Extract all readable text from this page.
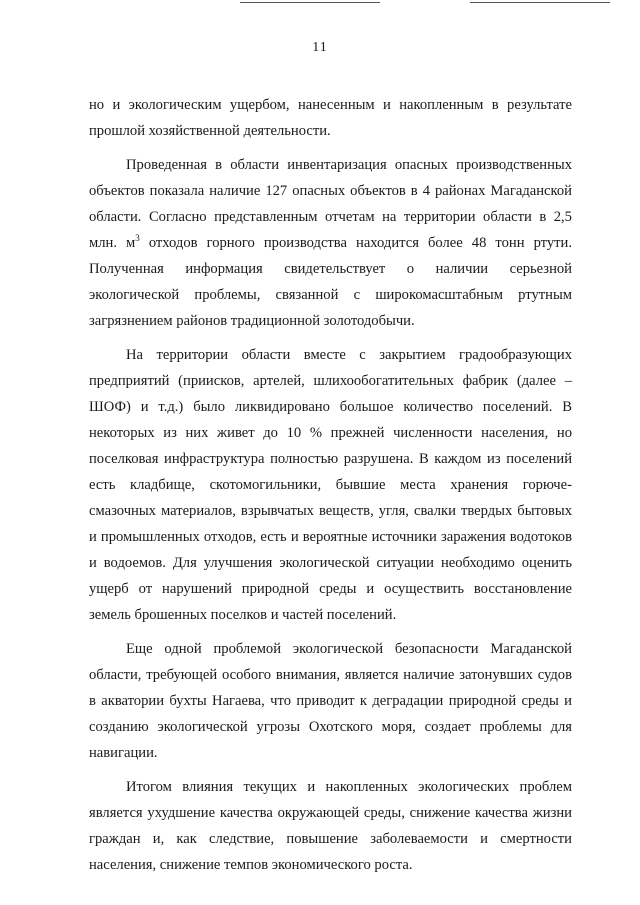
11

но и экологическим ущербом, нанесенным и накопленным в результате прошлой хозяйственной деятельности.

Проведенная в области инвентаризация опасных производственных объектов показала наличие 127 опасных объектов в 4 районах Магаданской области. Согласно представленным отчетам на территории области в 2,5 млн. $м^3$ отходов горного производства находится более 48 тонн ртути. Полученная информация свидетельствует о наличии серьезной экологической проблемы, связанной с широкомасштабным ртутным загрязнением районов традиционной золотодобычи.

На территории области вместе с закрытием градообразующих предприятий (приисков, артелей, шлихообогатительных фабрик (далее – ШОФ) и т.д.) было ликвидировано большое количество поселений. В некоторых из них живет до 10 % прежней численности населения, но поселковая инфраструктура полностью разрушена. В каждом из поселений есть кладбище, скотомогильники, бывшие места хранения горюче-смазочных материалов, взрывчатых веществ, угля, свалки твердых бытовых и промышленных отходов, есть и вероятные источники заражения водотоков и водоемов. Для улучшения экологической ситуации необходимо оценить ущерб от нарушений природной среды и осуществить восстановление земель брошенных поселков и частей поселений.

Еще одной проблемой экологической безопасности Магаданской области, требующей особого внимания, является наличие затонувших судов в акватории бухты Нагаева, что приводит к деградации природной среды и созданию экологической угрозы Охотского моря, создает проблемы для навигации.

Итогом влияния текущих и накопленных экологических проблем является ухудшение качества окружающей среды, снижение качества жизни граждан и, как следствие, повышение заболеваемости и смертности населения, снижение темпов экономического роста.
